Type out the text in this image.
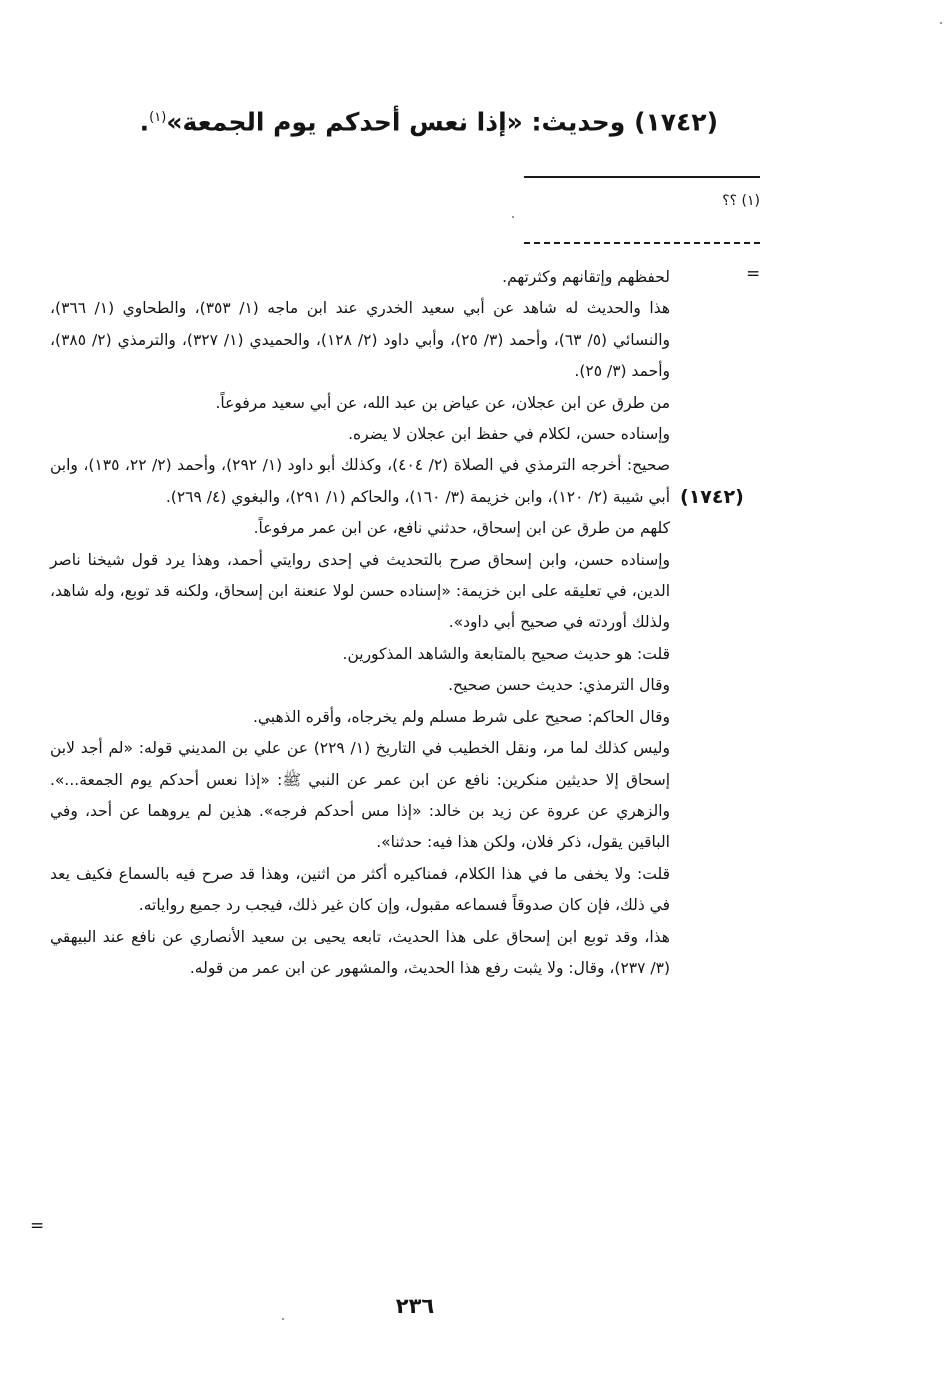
(١٧٤٢) وحديث: «إذا نعس أحدكم يوم الجمعة»$^{(١)}$.
(١) ؟؟
=

لحفظهم وإتقانهم وكثرتهم.

هذا والحديث له شاهد عن أبي سعيد الخدري عند ابن ماجه (١/ ٣٥٣)، والطحاوي (١/ ٣٦٦)، والنسائي (٥/ ٦٣)، وأحمد (٣/ ٢٥)، وأبي داود (٢/ ١٢٨)، والحميدي (١/ ٣٢٧)، والترمذي (٢/ ٣٨٥)، وأحمد (٣/ ٢٥).

من طرق عن ابن عجلان، عن عياض بن عبد الله، عن أبي سعيد مرفوعاً.

وإسناده حسن، لكلام في حفظ ابن عجلان لا يضره.

صحيح: أخرجه الترمذي في الصلاة (٢/ ٤٠٤)، وكذلك أبو داود (١/ ٢٩٢)، وأحمد (٢/ ٢٢، ١٣٥)، وابن أبي شيبة (٢/ ١٢٠)، وابن خزيمة (٣/ ١٦٠)، والحاكم (١/ ٢٩١)، والبغوي (٤/ ٢٦٩).

كلهم من طرق عن ابن إسحاق، حدثني نافع، عن ابن عمر مرفوعاً.

وإسناده حسن، وابن إسحاق صرح بالتحديث في إحدى روايتي أحمد، وهذا يرد قول شيخنا ناصر الدين، في تعليقه على ابن خزيمة: «إسناده حسن لولا عنعنة ابن إسحاق، ولكنه قد توبع، وله شاهد، ولذلك أوردته في صحيح أبي داود».

قلت: هو حديث صحيح بالمتابعة والشاهد المذكورين.

وقال الترمذي: حديث حسن صحيح.

وقال الحاكم: صحيح على شرط مسلم ولم يخرجاه، وأقره الذهبي.

وليس كذلك لما مر، ونقل الخطيب في التاريخ (١/ ٢٢٩) عن علي بن المديني قوله: «لم أجد لابن إسحاق إلا حديثين منكرين: نافع عن ابن عمر عن النبي ﷺ: «إذا نعس أحدكم يوم الجمعة...». والزهري عن عروة عن زيد بن خالد: «إذا مس أحدكم فرجه». هذين لم يروهما عن أحد، وفي الباقين يقول، ذكر فلان، ولكن هذا فيه: حدثنا».

قلت: ولا يخفى ما في هذا الكلام، فمناكيره أكثر من اثنين، وهذا قد صرح فيه بالسماع فكيف يعد في ذلك، فإن كان صدوقاً فسماعه مقبول، وإن كان غير ذلك، فيجب رد جميع رواياته.

هذا، وقد توبع ابن إسحاق على هذا الحديث، تابعه يحيى بن سعيد الأنصاري عن نافع عند البيهقي (٣/ ٢٣٧)، وقال: ولا يثبت رفع هذا الحديث، والمشهور عن ابن عمر من قوله.

(١٧٤٢)
=
٢٣٦
